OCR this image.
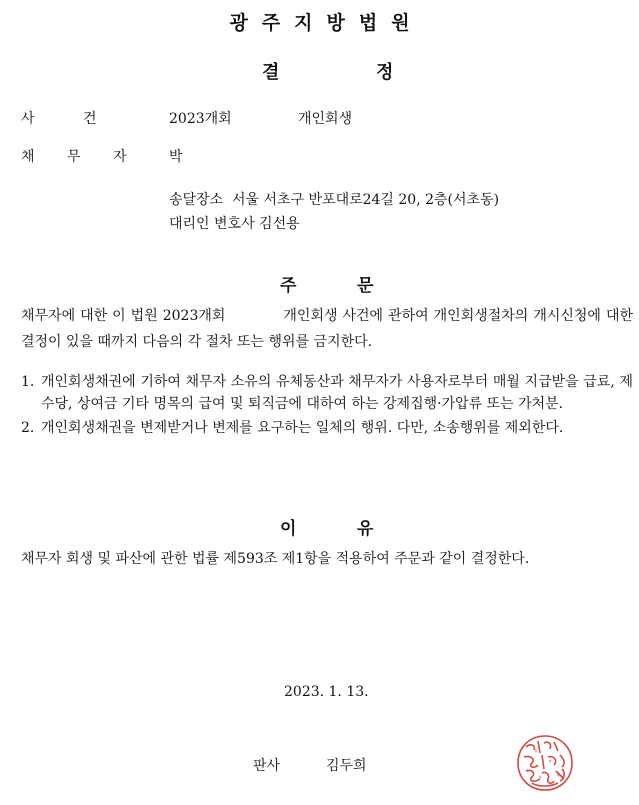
광주지방법원
결	정
사 건	2023개회	개인회생
채 무 자 박
송달장소  서울 서초구 반포대로24길 20, 2층(서초동)
대리인 변호사 김선용
주	문
채무자에 대한 이 법원 2023개회	개인회생 사건에 관하여 개인회생절차의 개시신청에 대한 결정이 있을 때까지 다음의 각 절차 또는 행위를 금지한다.
1. 개인회생채권에 기하여 채무자 소유의 유체동산과 채무자가 사용자로부터 매월 지급받을 급료, 제수당, 상여금 기타 명목의 급여 및 퇴직금에 대하여 하는 강제집행·가압류 또는 가처분.
2. 개인회생채권을 변제받거나 변제를 요구하는 일체의 행위. 다만, 소송행위를 제외한다.
이	유
채무자 회생 및 파산에 관한 법률 제593조 제1항을 적용하여 주문과 같이 결정한다.
2023. 1. 13.
판사	김두희
